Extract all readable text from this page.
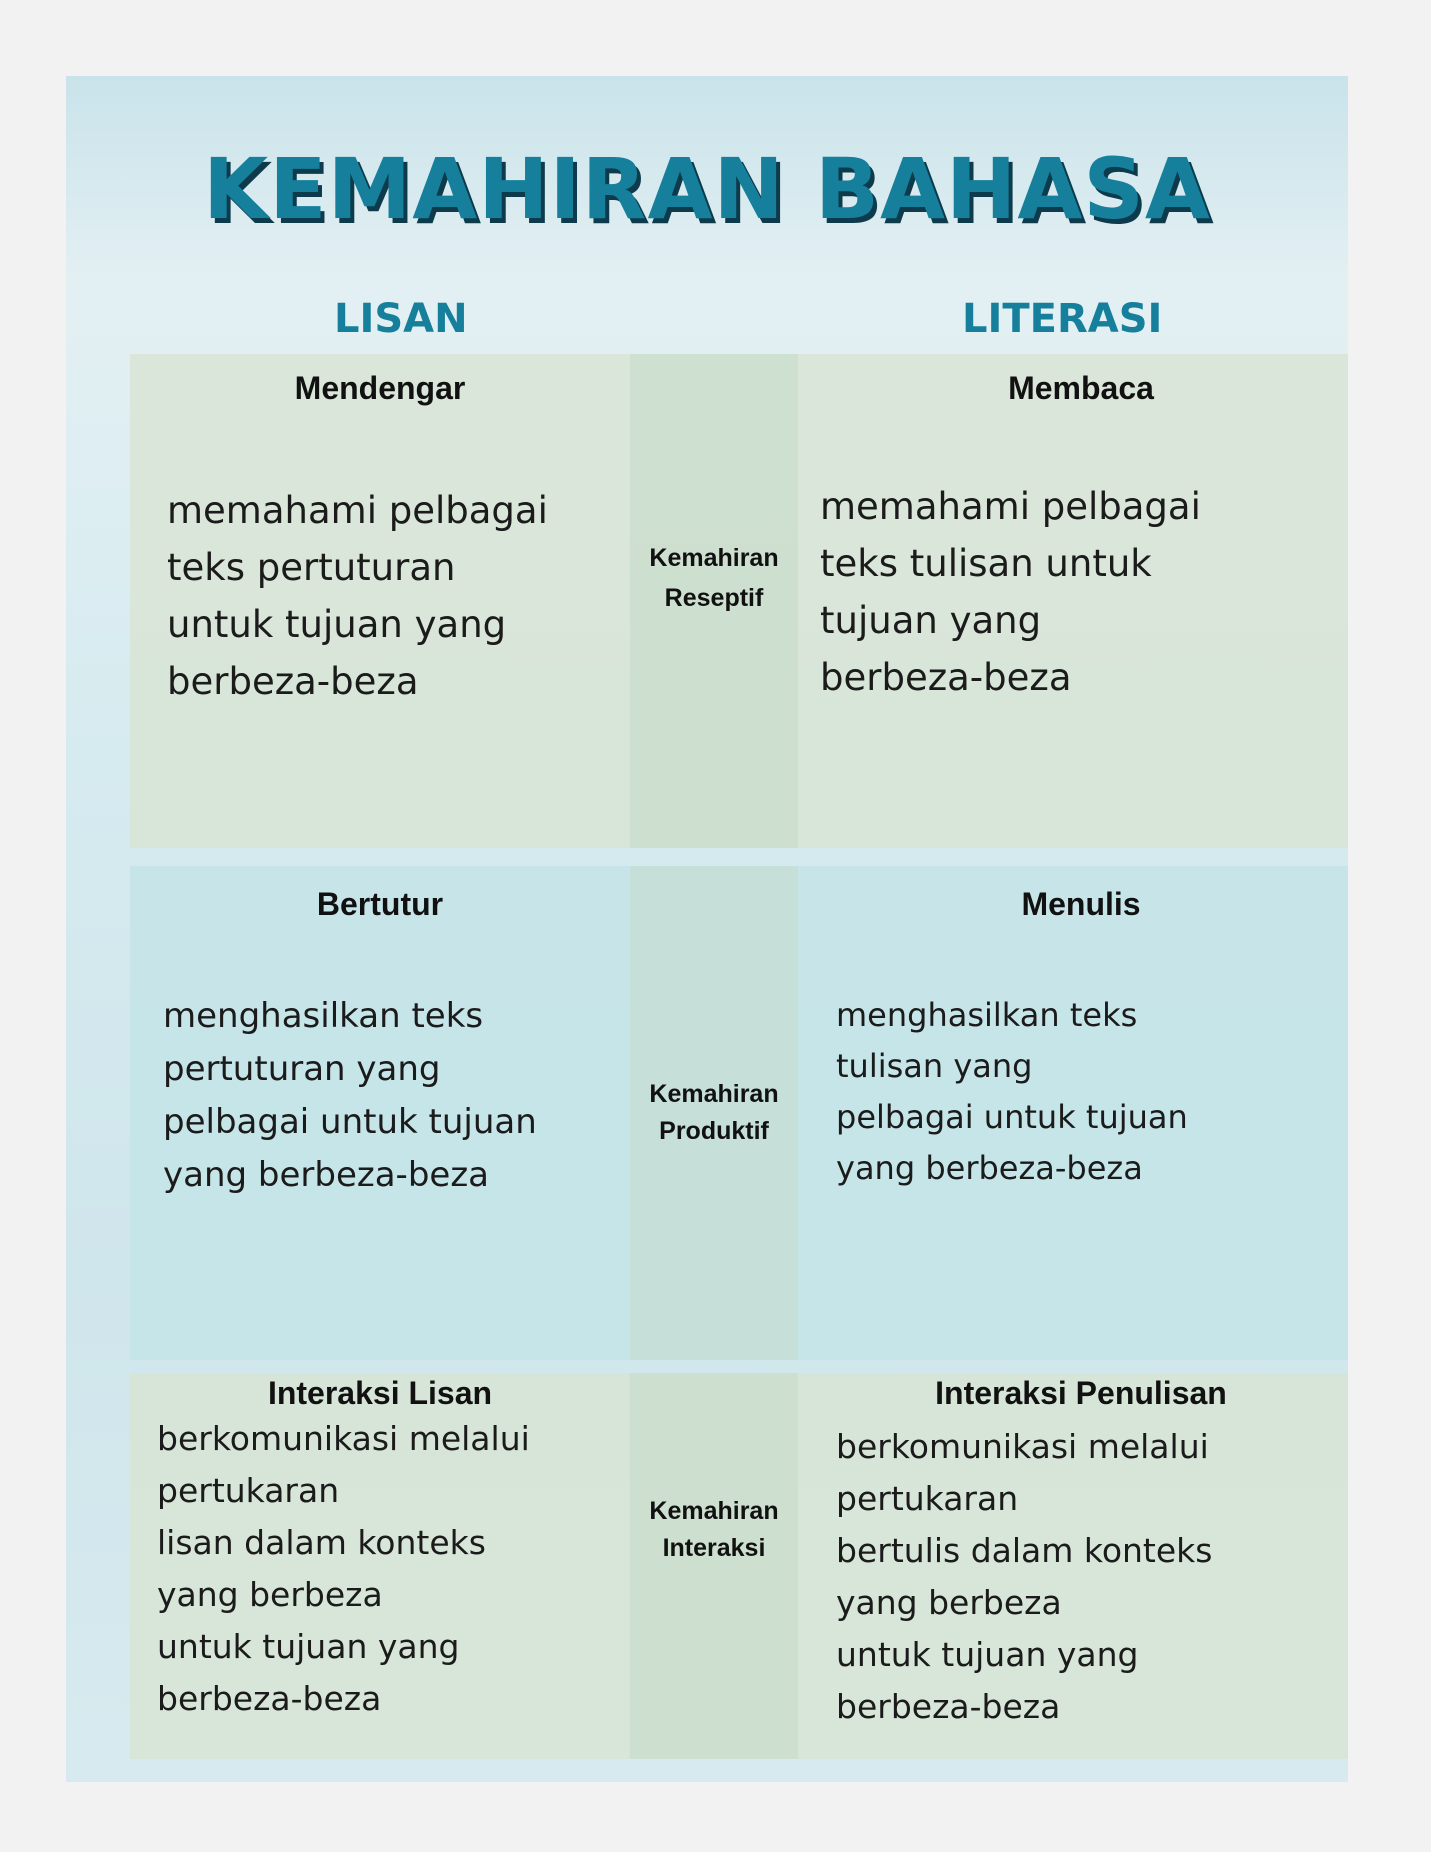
KEMAHIRAN BAHASA
LISAN	LITERASI

Mendengar

memahami pelbagai
teks pertuturan
untuk tujuan yang
berbeza-beza

Kemahiran
Reseptif

Membaca

memahami pelbagai
teks tulisan untuk
tujuan yang
berbeza-beza

Bertutur

menghasilkan teks
pertuturan yang
pelbagai untuk tujuan
yang berbeza-beza

Kemahiran
Produktif

Menulis

menghasilkan teks
tulisan yang
pelbagai untuk tujuan
yang berbeza-beza

Interaksi Lisan

berkomunikasi melalui
pertukaran
lisan dalam konteks
yang berbeza
untuk tujuan yang
berbeza-beza

Kemahiran
Interaksi

Interaksi Penulisan

berkomunikasi melalui
pertukaran
bertulis dalam konteks
yang berbeza
untuk tujuan yang
berbeza-beza
